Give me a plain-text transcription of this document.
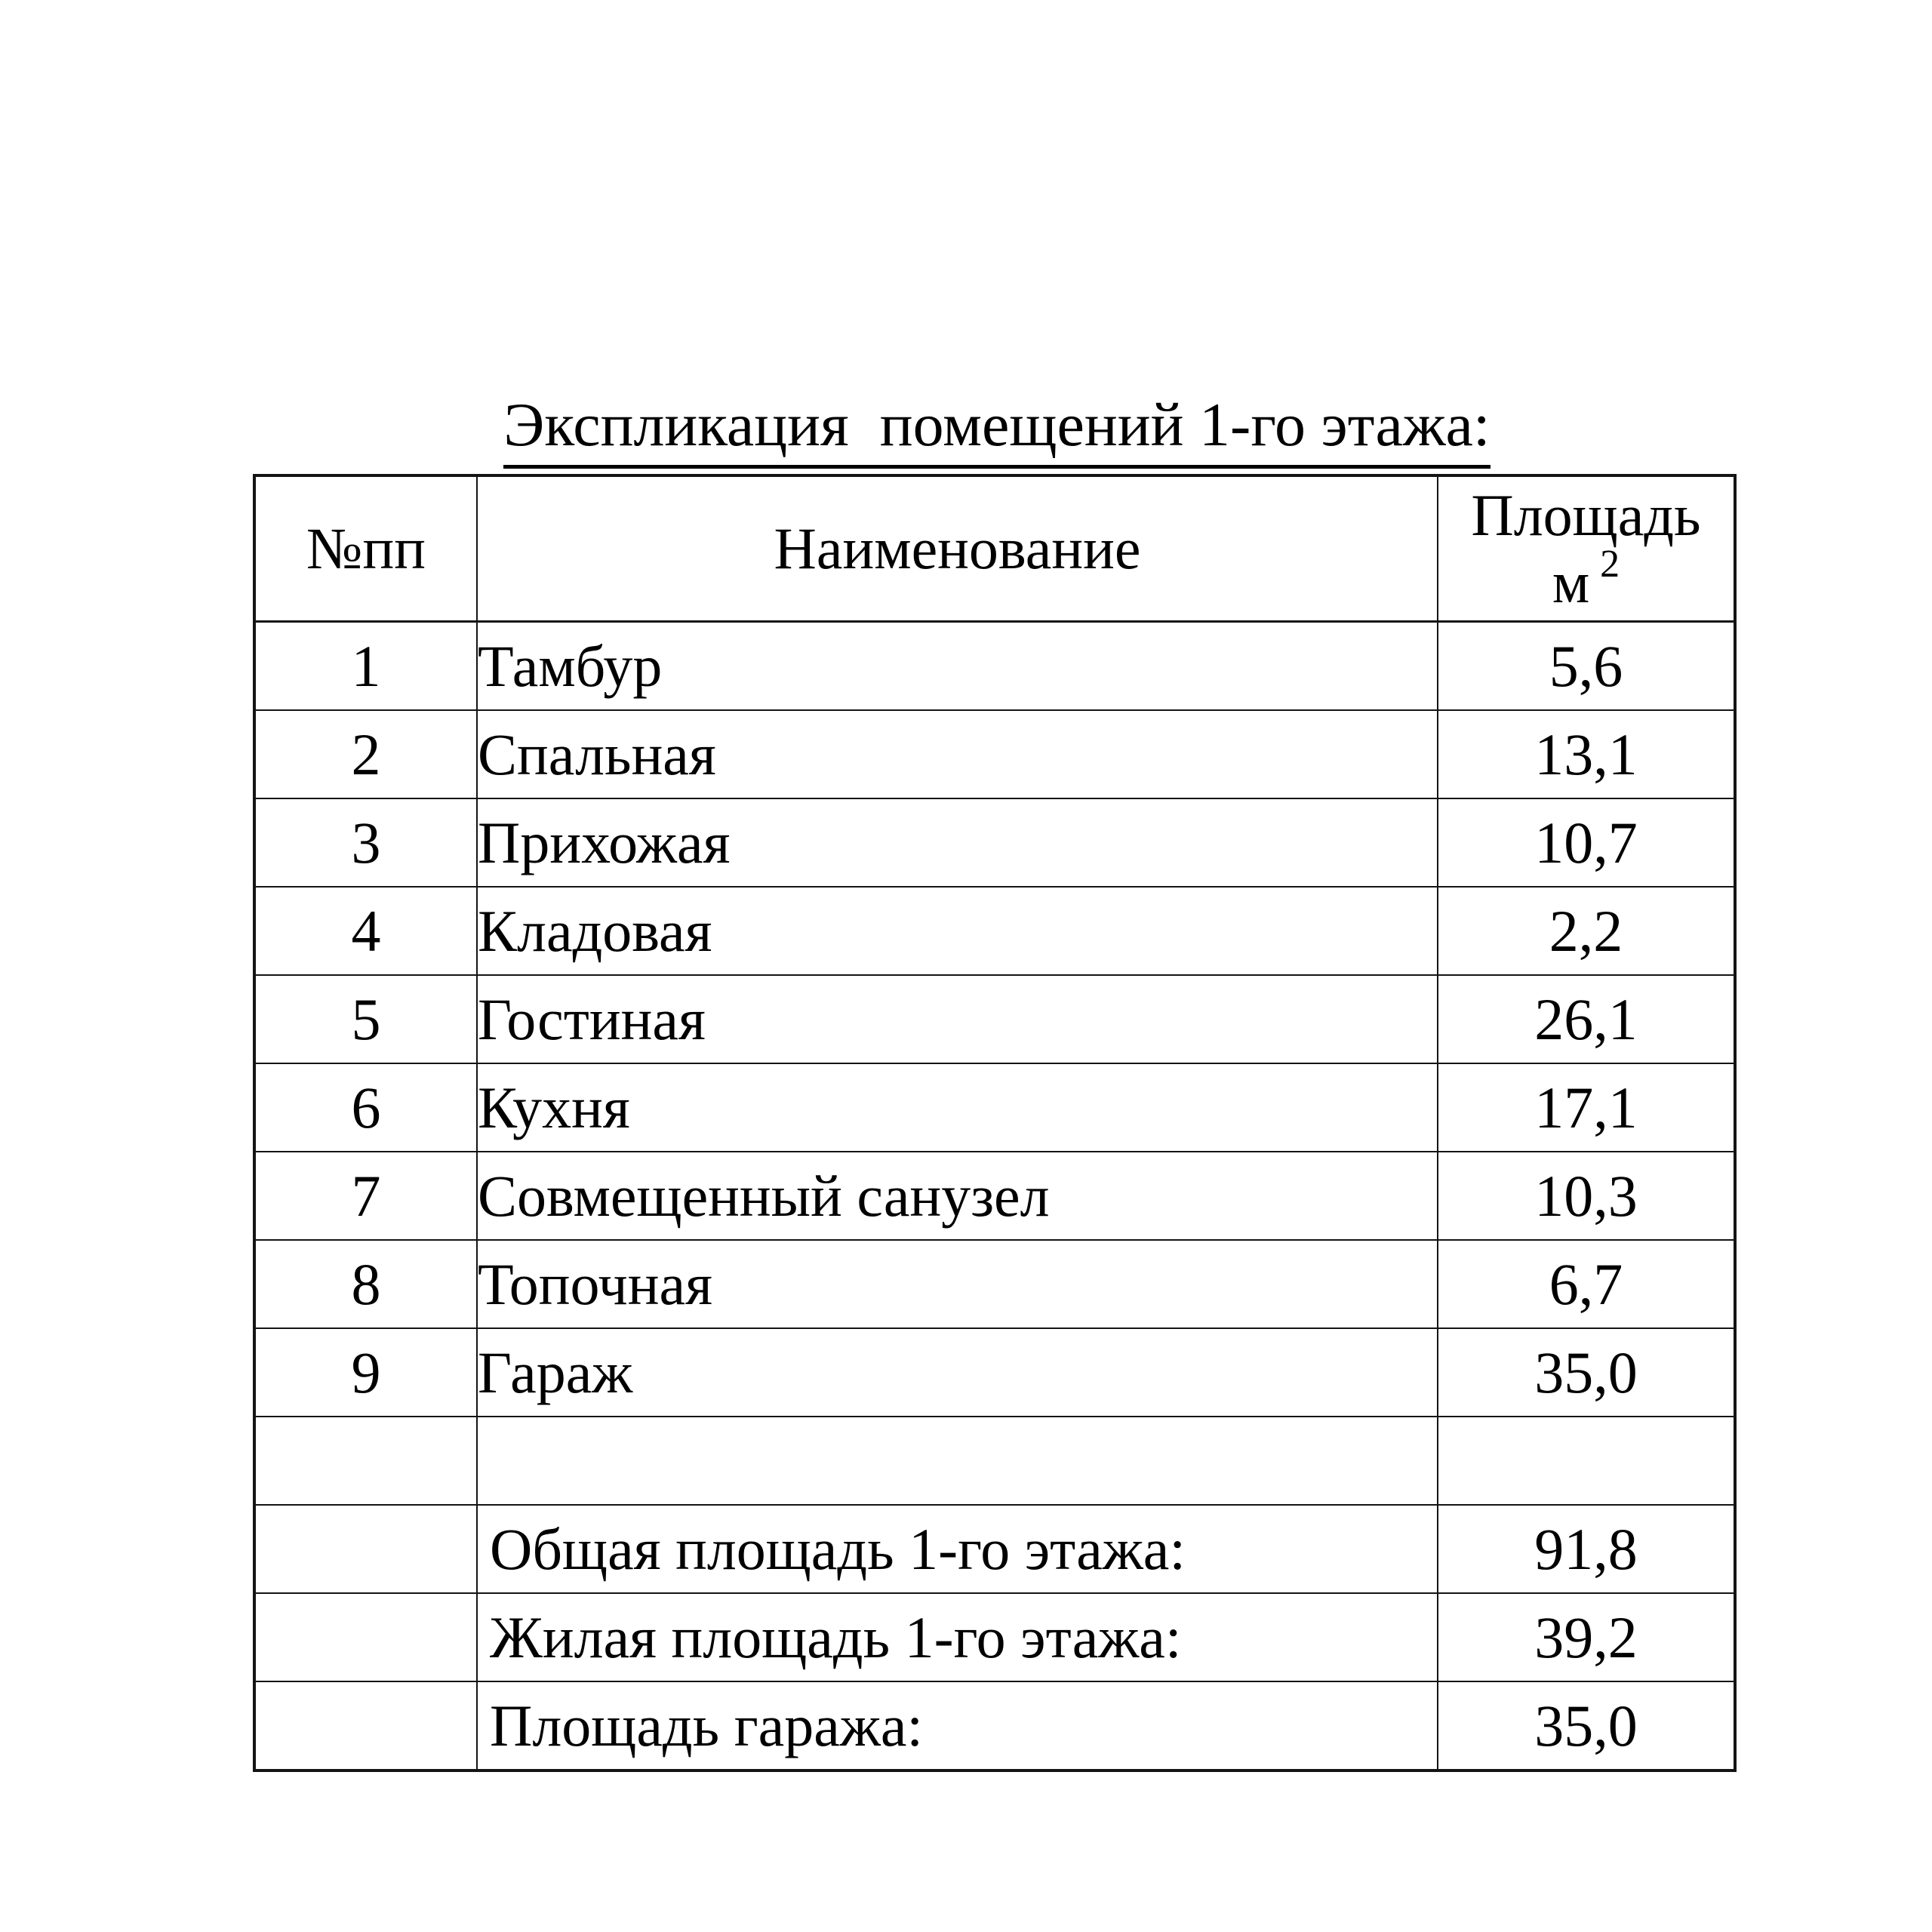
Экспликация  помещений 1-го этажа:

№пп	Наименование	Площадь
м $^2$

1	Тамбур	5,6
2	Спальная	13,1
3	Прихожая	10,7
4	Кладовая	2,2
5	Гостиная	26,1
6	Кухня	17,1
7	Совмещенный санузел	10,3
8	Топочная	6,7
9	Гараж	35,0

	Общая площадь 1-го этажа:	91,8
	Жилая площадь 1-го этажа:	39,2
	Площадь гаража:	35,0
